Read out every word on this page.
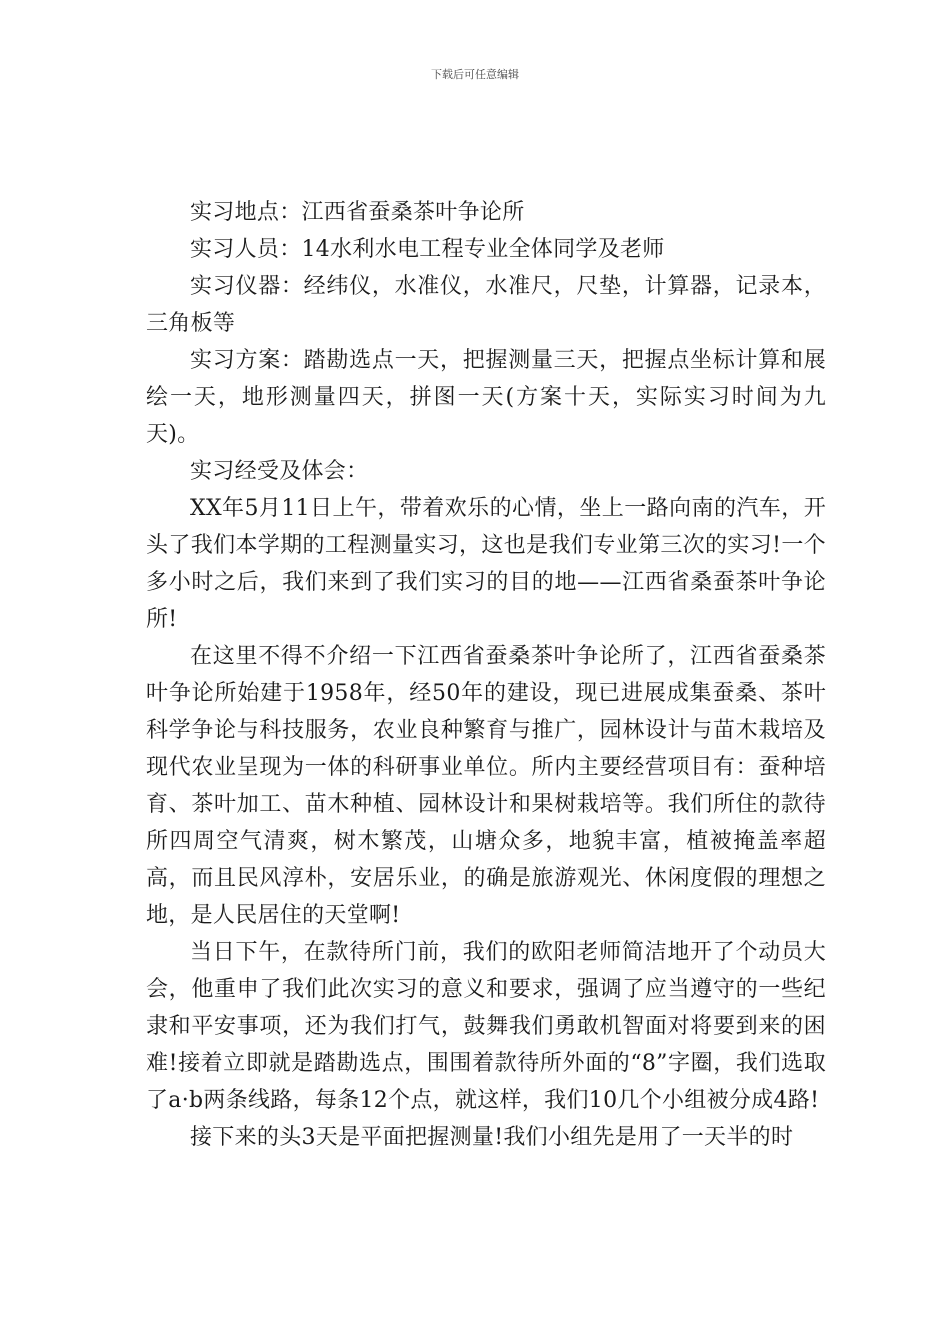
下载后可任意编辑

实习地点：江西省蚕桑茶叶争论所

实习人员：14水利水电工程专业全体同学及老师

实习仪器：经纬仪，水准仪，水准尺，尺垫，计算器，记录本，三角板等

实习方案：踏勘选点一天，把握测量三天，把握点坐标计算和展绘一天，地形测量四天，拼图一天(方案十天，实际实习时间为九天)。

实习经受及体会：

XX年5月11日上午，带着欢乐的心情，坐上一路向南的汽车，开头了我们本学期的工程测量实习，这也是我们专业第三次的实习!一个多小时之后，我们来到了我们实习的目的地——江西省桑蚕茶叶争论所!

在这里不得不介绍一下江西省蚕桑茶叶争论所了，江西省蚕桑茶叶争论所始建于1958年，经50年的建设，现已进展成集蚕桑、茶叶科学争论与科技服务，农业良种繁育与推广，园林设计与苗木栽培及现代农业呈现为一体的科研事业单位。所内主要经营项目有：蚕种培育、茶叶加工、苗木种植、园林设计和果树栽培等。我们所住的款待所四周空气清爽，树木繁茂，山塘众多，地貌丰富，植被掩盖率超高，而且民风淳朴，安居乐业，的确是旅游观光、休闲度假的理想之地，是人民居住的天堂啊!

当日下午，在款待所门前，我们的欧阳老师简洁地开了个动员大会，他重申了我们此次实习的意义和要求，强调了应当遵守的一些纪隶和平安事项，还为我们打气，鼓舞我们勇敢机智面对将要到来的困难!接着立即就是踏勘选点，围围着款待所外面的“8”字圈，我们选取了a·b两条线路，每条12个点，就这样，我们10几个小组被分成4路!

接下来的头3天是平面把握测量!我们小组先是用了一天半的时
